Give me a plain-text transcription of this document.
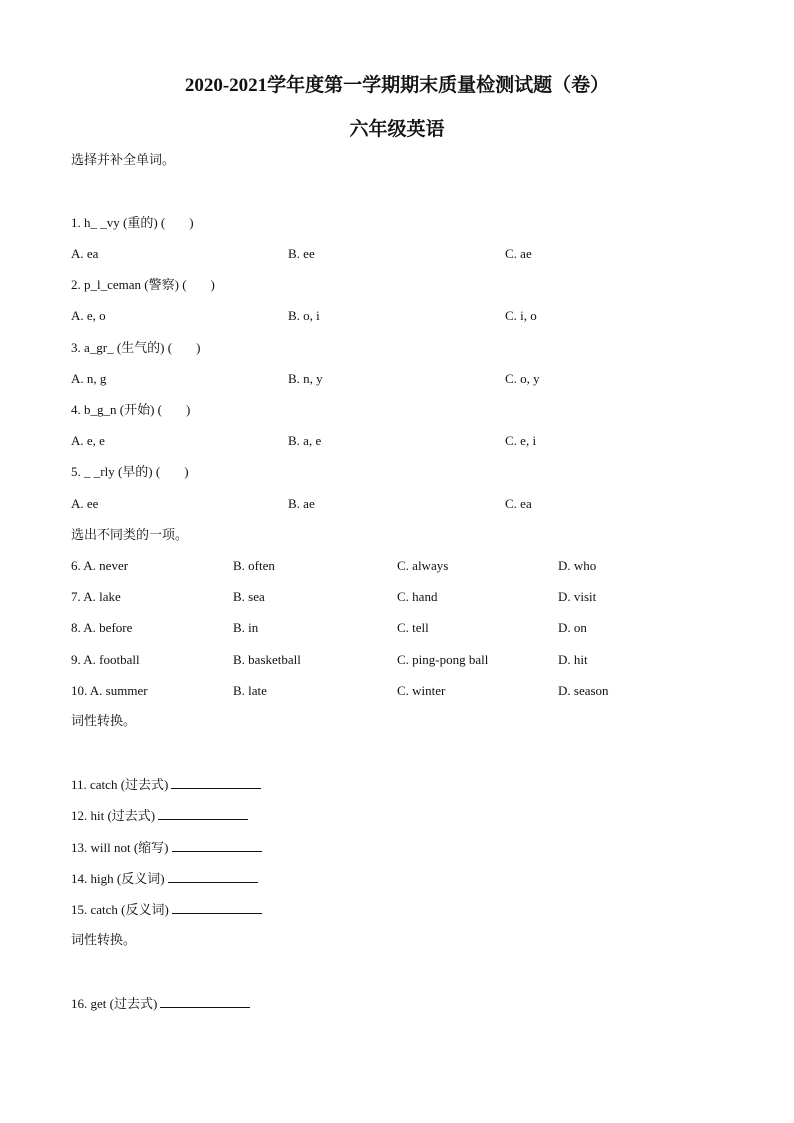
2020-2021学年度第一学期期末质量检测试题（卷）
六年级英语
选择并补全单词。
1. h_ _vy (重的) ( )
A. ea	B. ee	C. ae
2. p_l_ceman (警察) ( )
A. e, o	B. o, i	C. i, o
3. a_gr_ (生气的) ( )
A. n, g	B. n, y	C. o, y
4. b_g_n (开始) ( )
A. e, e	B. a, e	C. e, i
5. _ _rly (早的) ( )
A. ee	B. ae	C. ea
选出不同类的一项。
6. A. never	B. often	C. always	D. who
7. A. lake	B. sea	C. hand	D. visit
8. A. before	B. in	C. tell	D. on
9. A. football	B. basketball	C. ping-pong ball	D. hit
10. A. summer	B. late	C. winter	D. season
词性转换。
11. catch (过去式)
12. hit (过去式)
13. will not (缩写)
14. high (反义词)
15. catch (反义词)
词性转换。
16. get (过去式)
